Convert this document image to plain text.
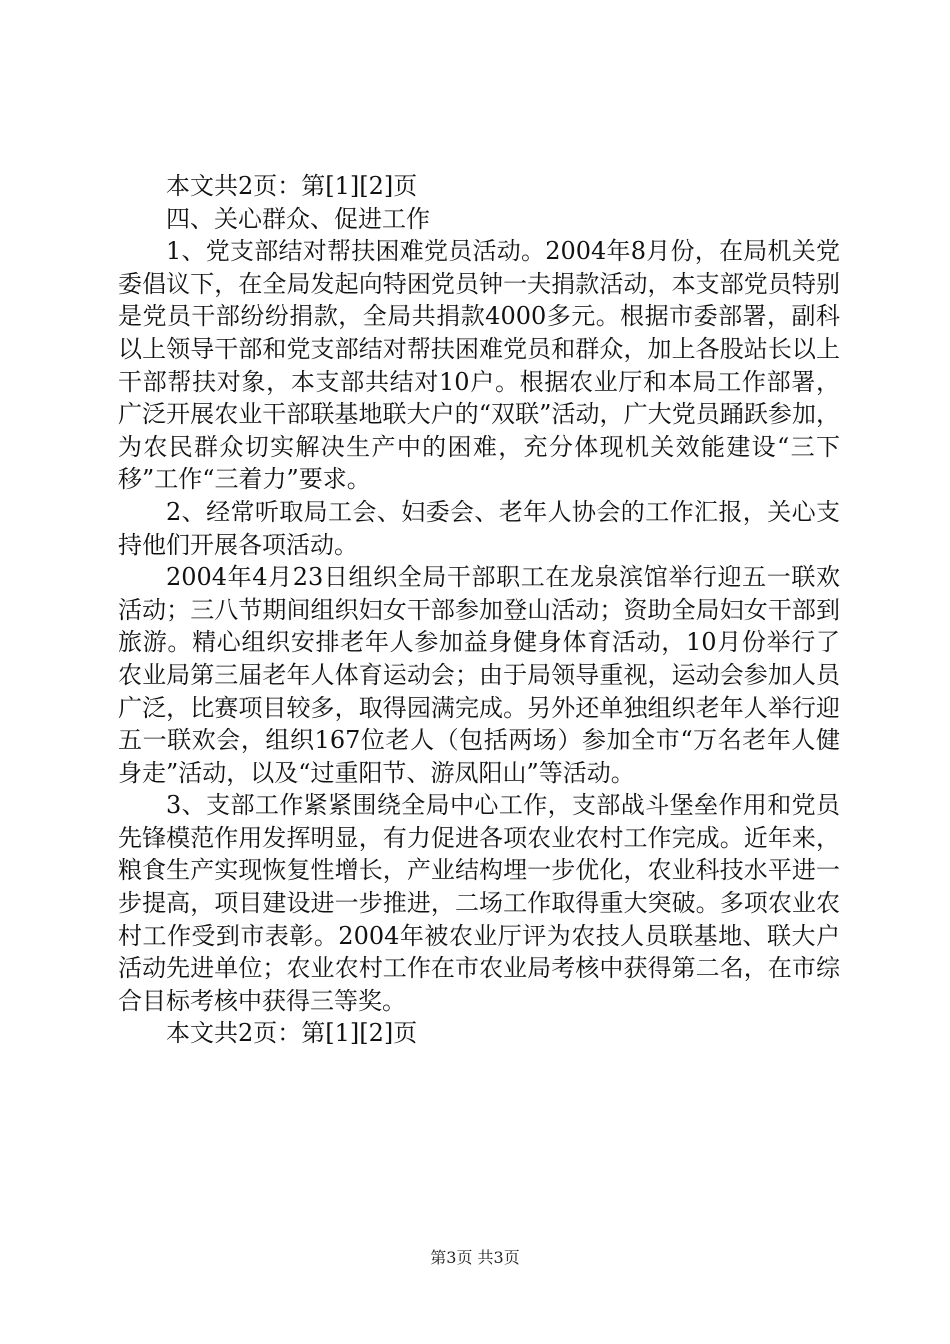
本文共2页：第[1][2]页

四、关心群众、促进工作

1、党支部结对帮扶困难党员活动。2004年8月份，在局机关党委倡议下，在全局发起向特困党员钟一夫捐款活动，本支部党员特别是党员干部纷纷捐款，全局共捐款4000多元。根据市委部署，副科以上领导干部和党支部结对帮扶困难党员和群众，加上各股站长以上干部帮扶对象，本支部共结对10户。根据农业厅和本局工作部署，广泛开展农业干部联基地联大户的“双联”活动，广大党员踊跃参加，为农民群众切实解决生产中的困难，充分体现机关效能建设“三下移”工作“三着力”要求。

2、经常听取局工会、妇委会、老年人协会的工作汇报，关心支持他们开展各项活动。

2004年4月23日组织全局干部职工在龙泉滨馆举行迎五一联欢活动；三八节期间组织妇女干部参加登山活动；资助全局妇女干部到旅游。精心组织安排老年人参加益身健身体育活动，10月份举行了农业局第三届老年人体育运动会；由于局领导重视，运动会参加人员广泛，比赛项目较多，取得园满完成。另外还单独组织老年人举行迎五一联欢会，组织167位老人（包括两场）参加全市“万名老年人健身走”活动，以及“过重阳节、游凤阳山”等活动。

3、支部工作紧紧围绕全局中心工作，支部战斗堡垒作用和党员先锋模范作用发挥明显，有力促进各项农业农村工作完成。近年来，粮食生产实现恢复性增长，产业结构埋一步优化，农业科技水平进一步提高，项目建设进一步推进，二场工作取得重大突破。多项农业农村工作受到市表彰。2004年被农业厅评为农技人员联基地、联大户活动先进单位；农业农村工作在市农业局考核中获得第二名，在市综合目标考核中获得三等奖。

本文共2页：第[1][2]页

第3页 共3页
